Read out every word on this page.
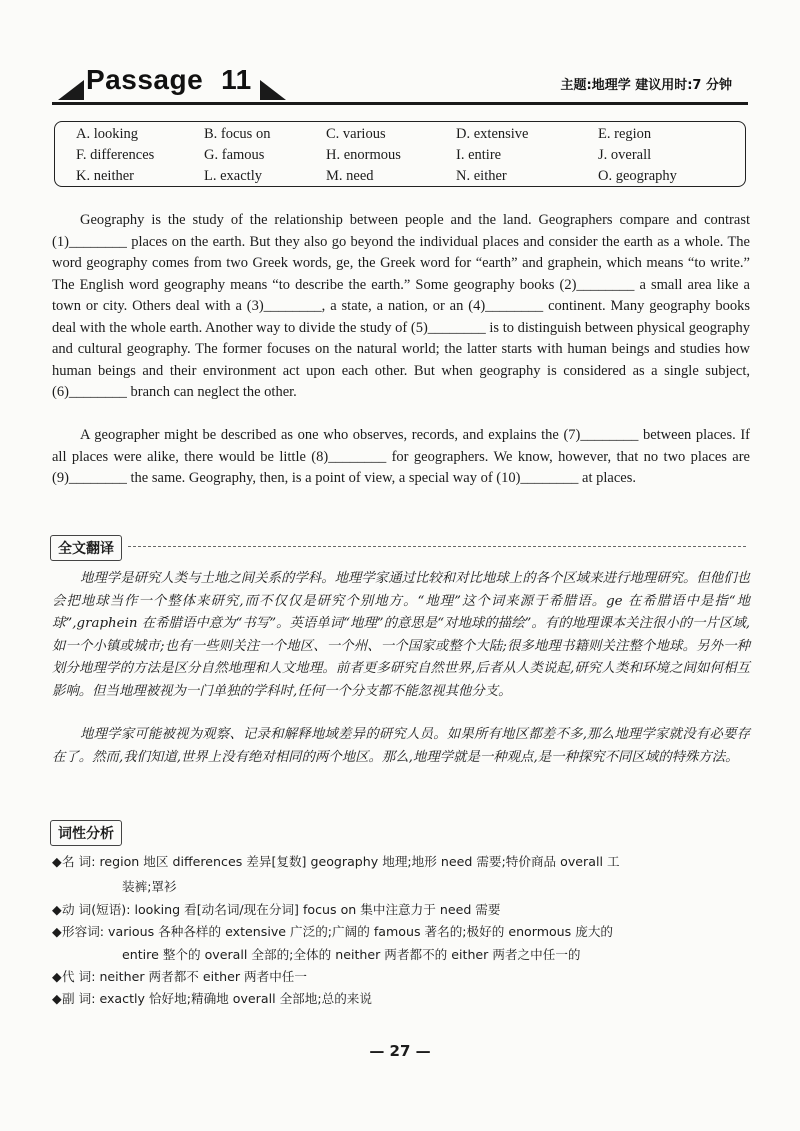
Passage 11	主题:地理学 建议用时:7 分钟
A. looking	B. focus on	C. various	D. extensive	E. region
F. differences	G. famous	H. enormous	I. entire	J. overall
K. neither	L. exactly	M. need	N. either	O. geography

Geography is the study of the relationship between people and the land. Geographers compare and contrast (1)________ places on the earth. But they also go beyond the individual places and consider the earth as a whole. The word geography comes from two Greek words, ge, the Greek word for “earth” and graphein, which means “to write.” The English word geography means “to describe the earth.” Some geography books (2)________ a small area like a town or city. Others deal with a (3)________, a state, a nation, or an (4)________ continent. Many geography books deal with the whole earth. Another way to divide the study of (5)________ is to distinguish between physical geography and cultural geography. The former focuses on the natural world; the latter starts with human beings and studies how human beings and their environment act upon each other. But when geography is considered as a single subject, (6)________ branch can neglect the other.

A geographer might be described as one who observes, records, and explains the (7)________ between places. If all places were alike, there would be little (8)________ for geographers. We know, however, that no two places are (9)________ the same. Geography, then, is a point of view, a special way of (10)________ at places.

全文翻译

地理学是研究人类与土地之间关系的学科。地理学家通过比较和对比地球上的各个区域来进行地理研究。但他们也会把地球当作一个整体来研究,而不仅仅是研究个别地方。“地理”这个词来源于希腊语。ge 在希腊语中是指“地球”,graphein 在希腊语中意为“书写”。英语单词“地理”的意思是“对地球的描绘”。有的地理课本关注很小的一片区域,如一个小镇或城市;也有一些则关注一个地区、一个州、一个国家或整个大陆;很多地理书籍则关注整个地球。另外一种划分地理学的方法是区分自然地理和人文地理。前者更多研究自然世界,后者从人类说起,研究人类和环境之间如何相互影响。但当地理被视为一门单独的学科时,任何一个分支都不能忽视其他分支。

地理学家可能被视为观察、记录和解释地域差异的研究人员。如果所有地区都差不多,那么地理学家就没有必要存在了。然而,我们知道,世界上没有绝对相同的两个地区。那么,地理学就是一种观点,是一种探究不同区域的特殊方法。

词性分析
◆名 词: region 地区 differences 差异[复数] geography 地理;地形 need 需要;特价商品 overall 工
装裤;罩衫
◆动 词(短语): looking 看[动名词/现在分词] focus on 集中注意力于 need 需要
◆形容词: various 各种各样的 extensive 广泛的;广阔的 famous 著名的;极好的 enormous 庞大的
entire 整个的 overall 全部的;全体的 neither 两者都不的 either 两者之中任一的
◆代 词: neither 两者都不 either 两者中任一
◆副 词: exactly 恰好地;精确地 overall 全部地;总的来说
— 27 —
